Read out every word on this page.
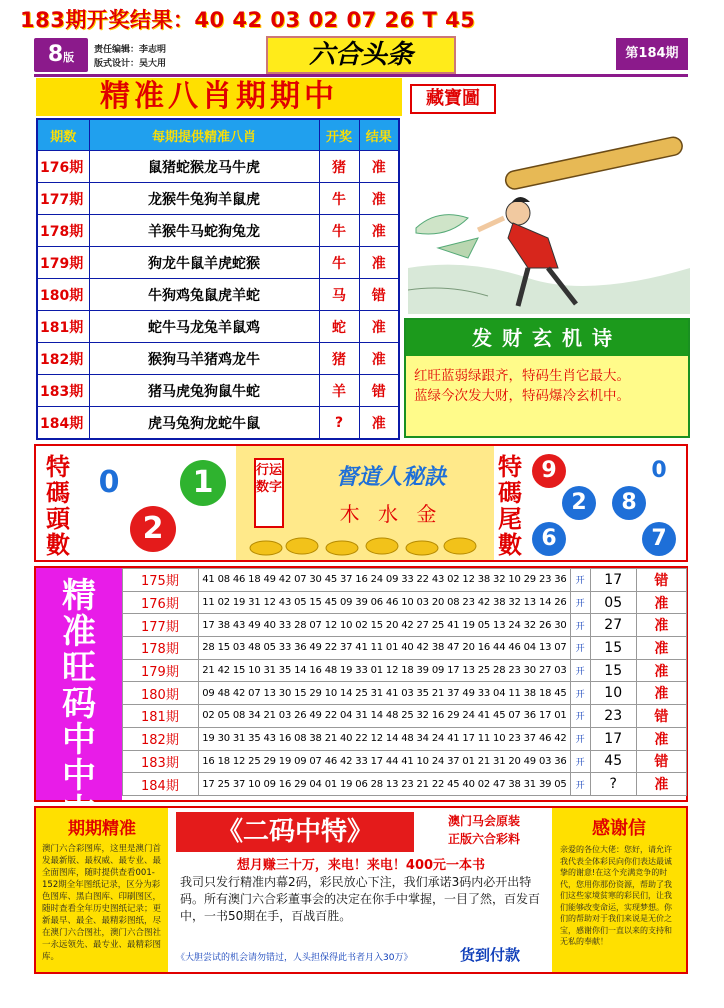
183期开奖结果：40 42 03 02 07 26 T 45
8版
责任编辑：李志明
版式设计：吴大用	六合头条	第184期
精准八肖期期中	藏寶圖
期数	每期提供精准八肖	开奖	结果
176期	鼠猪蛇猴龙马牛虎	猪	准
177期	龙猴牛兔狗羊鼠虎	牛	准
178期	羊猴牛马蛇狗兔龙	牛	准
179期	狗龙牛鼠羊虎蛇猴	牛	准
180期	牛狗鸡兔鼠虎羊蛇	马	错
181期	蛇牛马龙兔羊鼠鸡	蛇	准
182期	猴狗马羊猪鸡龙牛	猪	准
183期	猪马虎兔狗鼠牛蛇	羊	错
184期	虎马兔狗龙蛇牛鼠	?	准
发财玄机诗
红旺蓝弱绿跟齐，特码生肖它最大。
蓝绿今次发大财，特码爆冷玄机中。
特
碼
頭
數
0	1
2
行运数字	督道人秘訣
木 水 金
特
碼
尾
數
9	0
2	8
6	7
精
准
旺
码
中
中

175期	41 08 46 18 49 42 07 30 45 37 16 24 09 33 22 43 02 12 38 32 10 29 23 36	开	17	错
176期	11 02 19 31 12 43 05 15 45 09 39 06 46 10 03 20 08 23 42 38 32 13 14 26	开	05	准
177期	17 38 43 49 40 33 28 07 12 10 02 15 20 42 27 25 41 19 05 13 24 32 26 30	开	27	准
178期	28 15 03 48 05 33 36 49 22 37 41 11 01 40 42 38 47 20 16 44 46 04 13 07	开	15	准
179期	21 42 15 10 31 35 14 16 48 19 33 01 12 18 39 09 17 13 25 28 23 30 27 03	开	15	准
180期	09 48 42 07 13 30 15 29 10 14 25 31 41 03 35 21 37 49 33 04 11 38 18 45	开	10	准
181期	02 05 08 34 21 03 26 49 22 04 31 14 48 25 32 16 29 24 41 45 07 36 17 01	开	23	错
182期	19 30 31 35 43 16 08 38 21 40 22 12 14 48 34 24 41 17 11 10 23 37 46 42	开	17	准
183期	16 18 12 25 29 19 09 07 46 42 33 17 44 41 10 24 37 01 21 31 20 49 03 36	开	45	错
184期	17 25 37 10 09 16 29 04 01 19 06 28 13 23 21 22 45 40 02 47 38 31 39 05	开	?	准
期期精准
澳门六合彩图库，这里是澳门首发最新版、最权威、最专业、最全面图库，随时提供查看001-152期全年图纸记录，区分为彩色图库、黑白图库、印刷图区，随时查看全年历史图纸记录；更新最早、最全、最精彩图纸，尽在澳门六合图社，澳门六合图社一永远领先、最专业、最精彩图库。
《二码中特》	澳门马会原装
正版六合彩料
想月赚三十万，来电！来电！400元一本书
我司只发行精准内幕2码，彩民放心下注，我们承诺3码内必开出特码。所有澳门六合彩董事会的决定在你手中掌握，一目了然，百发百中，一书50期在手，百战百胜。
《大胆尝试的机会请勿错过，人头担保得此书者月入30万》	货到付款
感谢信
亲爱的各位大佬：您好，请允许我代表全体彩民向你们表达最诚挚的谢意!在这个充满竞争的时代，您用你那份资源，帮助了我们这些家境贫寒的彩民们，让我们能够改变命运，实现梦想。你们的帮助对于我们来说是无价之宝，感谢你们一直以来的支持和无私的奉献！
